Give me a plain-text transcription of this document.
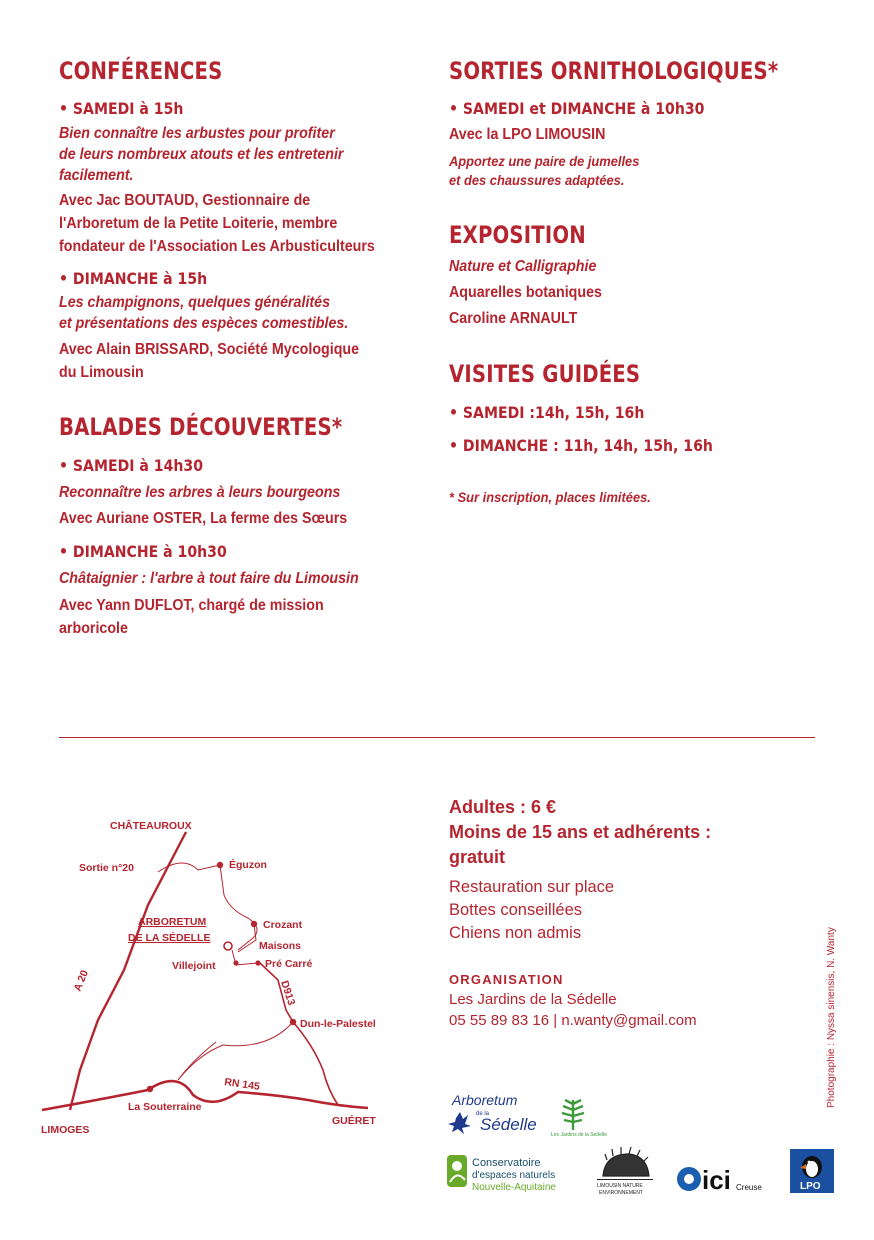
CONFÉRENCES
• SAMEDI à 15h
Bien connaître les arbustes pour profiter
de leurs nombreux atouts et les entretenir
facilement.
Avec Jac BOUTAUD, Gestionnaire de
l'Arboretum de la Petite Loiterie, membre
fondateur de l'Association Les Arbusticulteurs
• DIMANCHE à 15h
Les champignons, quelques généralités
et présentations des espèces comestibles.
Avec Alain BRISSARD, Société Mycologique
du Limousin
BALADES DÉCOUVERTES*
• SAMEDI à 14h30
Reconnaître les arbres à leurs bourgeons
Avec Auriane OSTER, La ferme des Sœurs
• DIMANCHE à 10h30
Châtaignier : l'arbre à tout faire du Limousin
Avec Yann DUFLOT, chargé de mission
arboricole
SORTIES ORNITHOLOGIQUES*
• SAMEDI et DIMANCHE à 10h30
Avec la LPO LIMOUSIN
Apportez une paire de jumelles
et des chaussures adaptées.
EXPOSITION
Nature et Calligraphie
Aquarelles botaniques
Caroline ARNAULT
VISITES GUIDÉES
• SAMEDI :14h, 15h, 16h
• DIMANCHE : 11h, 14h, 15h, 16h
* Sur inscription, places limitées.
CHÂTEAUROUX
Sortie n°20	Éguzon
Crozant
ARBORETUM
DE LA SÉDELLE
Maisons
Villejoint	Pré Carré
A 20	D913
Dun-le-Palestel
RN 145
La Souterraine
GUÉRET
LIMOGES
Adultes : 6 €
Moins de 15 ans et adhérents :
gratuit
Restauration sur place
Bottes conseillées
Chiens non admis
ORGANISATION
Les Jardins de la Sédelle
05 55 89 83 16 | n.wanty@gmail.com	Photographie : Nyssa sinensis, N. Wanty
Arboretum
de la
Sédelle
Les Jardins de la Sédelle
Conservatoire
d'espaces naturels
Nouvelle-Aquitaine	LIMOUSIN NATURE
ENVIRONNEMENT ici Creuse	LPO
